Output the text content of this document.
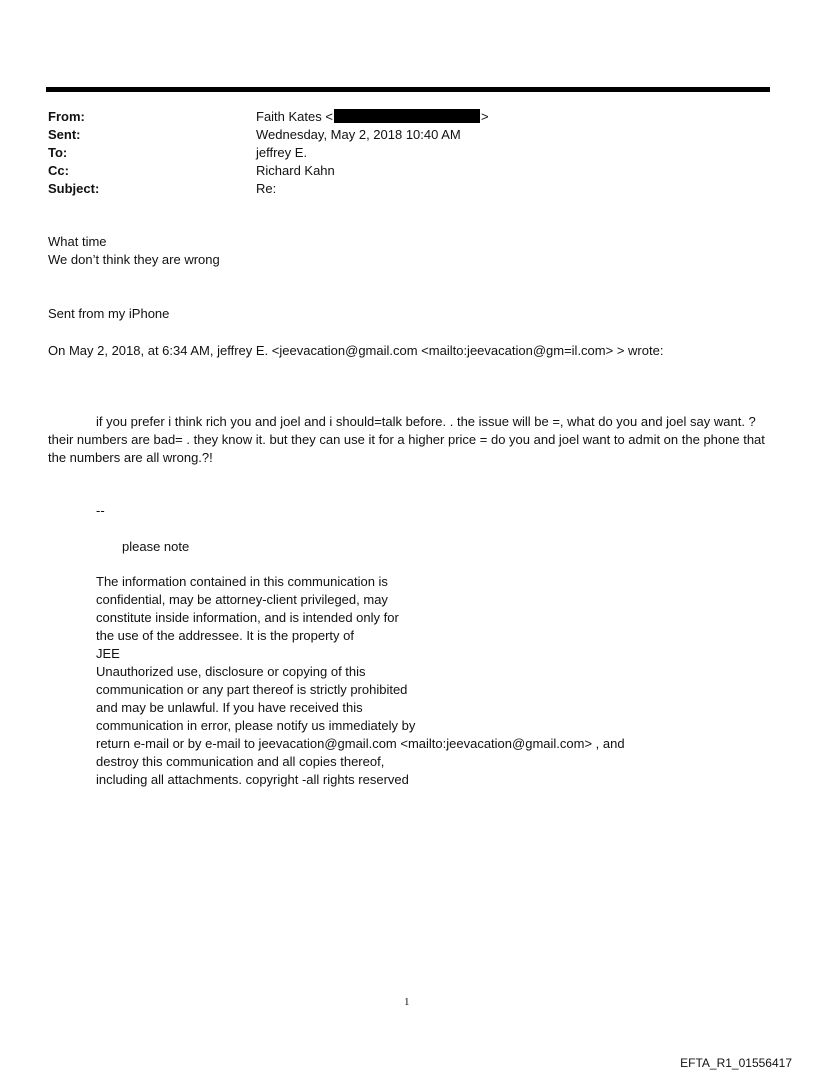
From:	Faith Kates <	>
Sent:	Wednesday, May 2, 2018 10:40 AM
To:	jeffrey E.
Cc:	Richard Kahn
Subject:	Re:
What time
We don’t think they are wrong
Sent from my iPhone
On May 2, 2018, at 6:34 AM, jeffrey E. <jeevacation@gmail.com <mailto:jeevacation@gm=il.com> > wrote:
if you prefer i think rich you and joel and i should=talk before. . the issue will be =, what do you and joel say want. ? their numbers are bad= . they know it. but they can use it for a higher price = do you and joel want to admit on the phone that the numbers are all wrong.?!
--
please note
The information contained in this communication is
confidential, may be attorney-client privileged, may
constitute inside information, and is intended only for
the use of the addressee. It is the property of
JEE
Unauthorized use, disclosure or copying of this
communication or any part thereof is strictly prohibited
and may be unlawful. If you have received this
communication in error, please notify us immediately by
return e-mail or by e-mail to jeevacation@gmail.com <mailto:jeevacation@gmail.com> , and
destroy this communication and all copies thereof,
including all attachments. copyright -all rights reserved
1
EFTA_R1_01556417
